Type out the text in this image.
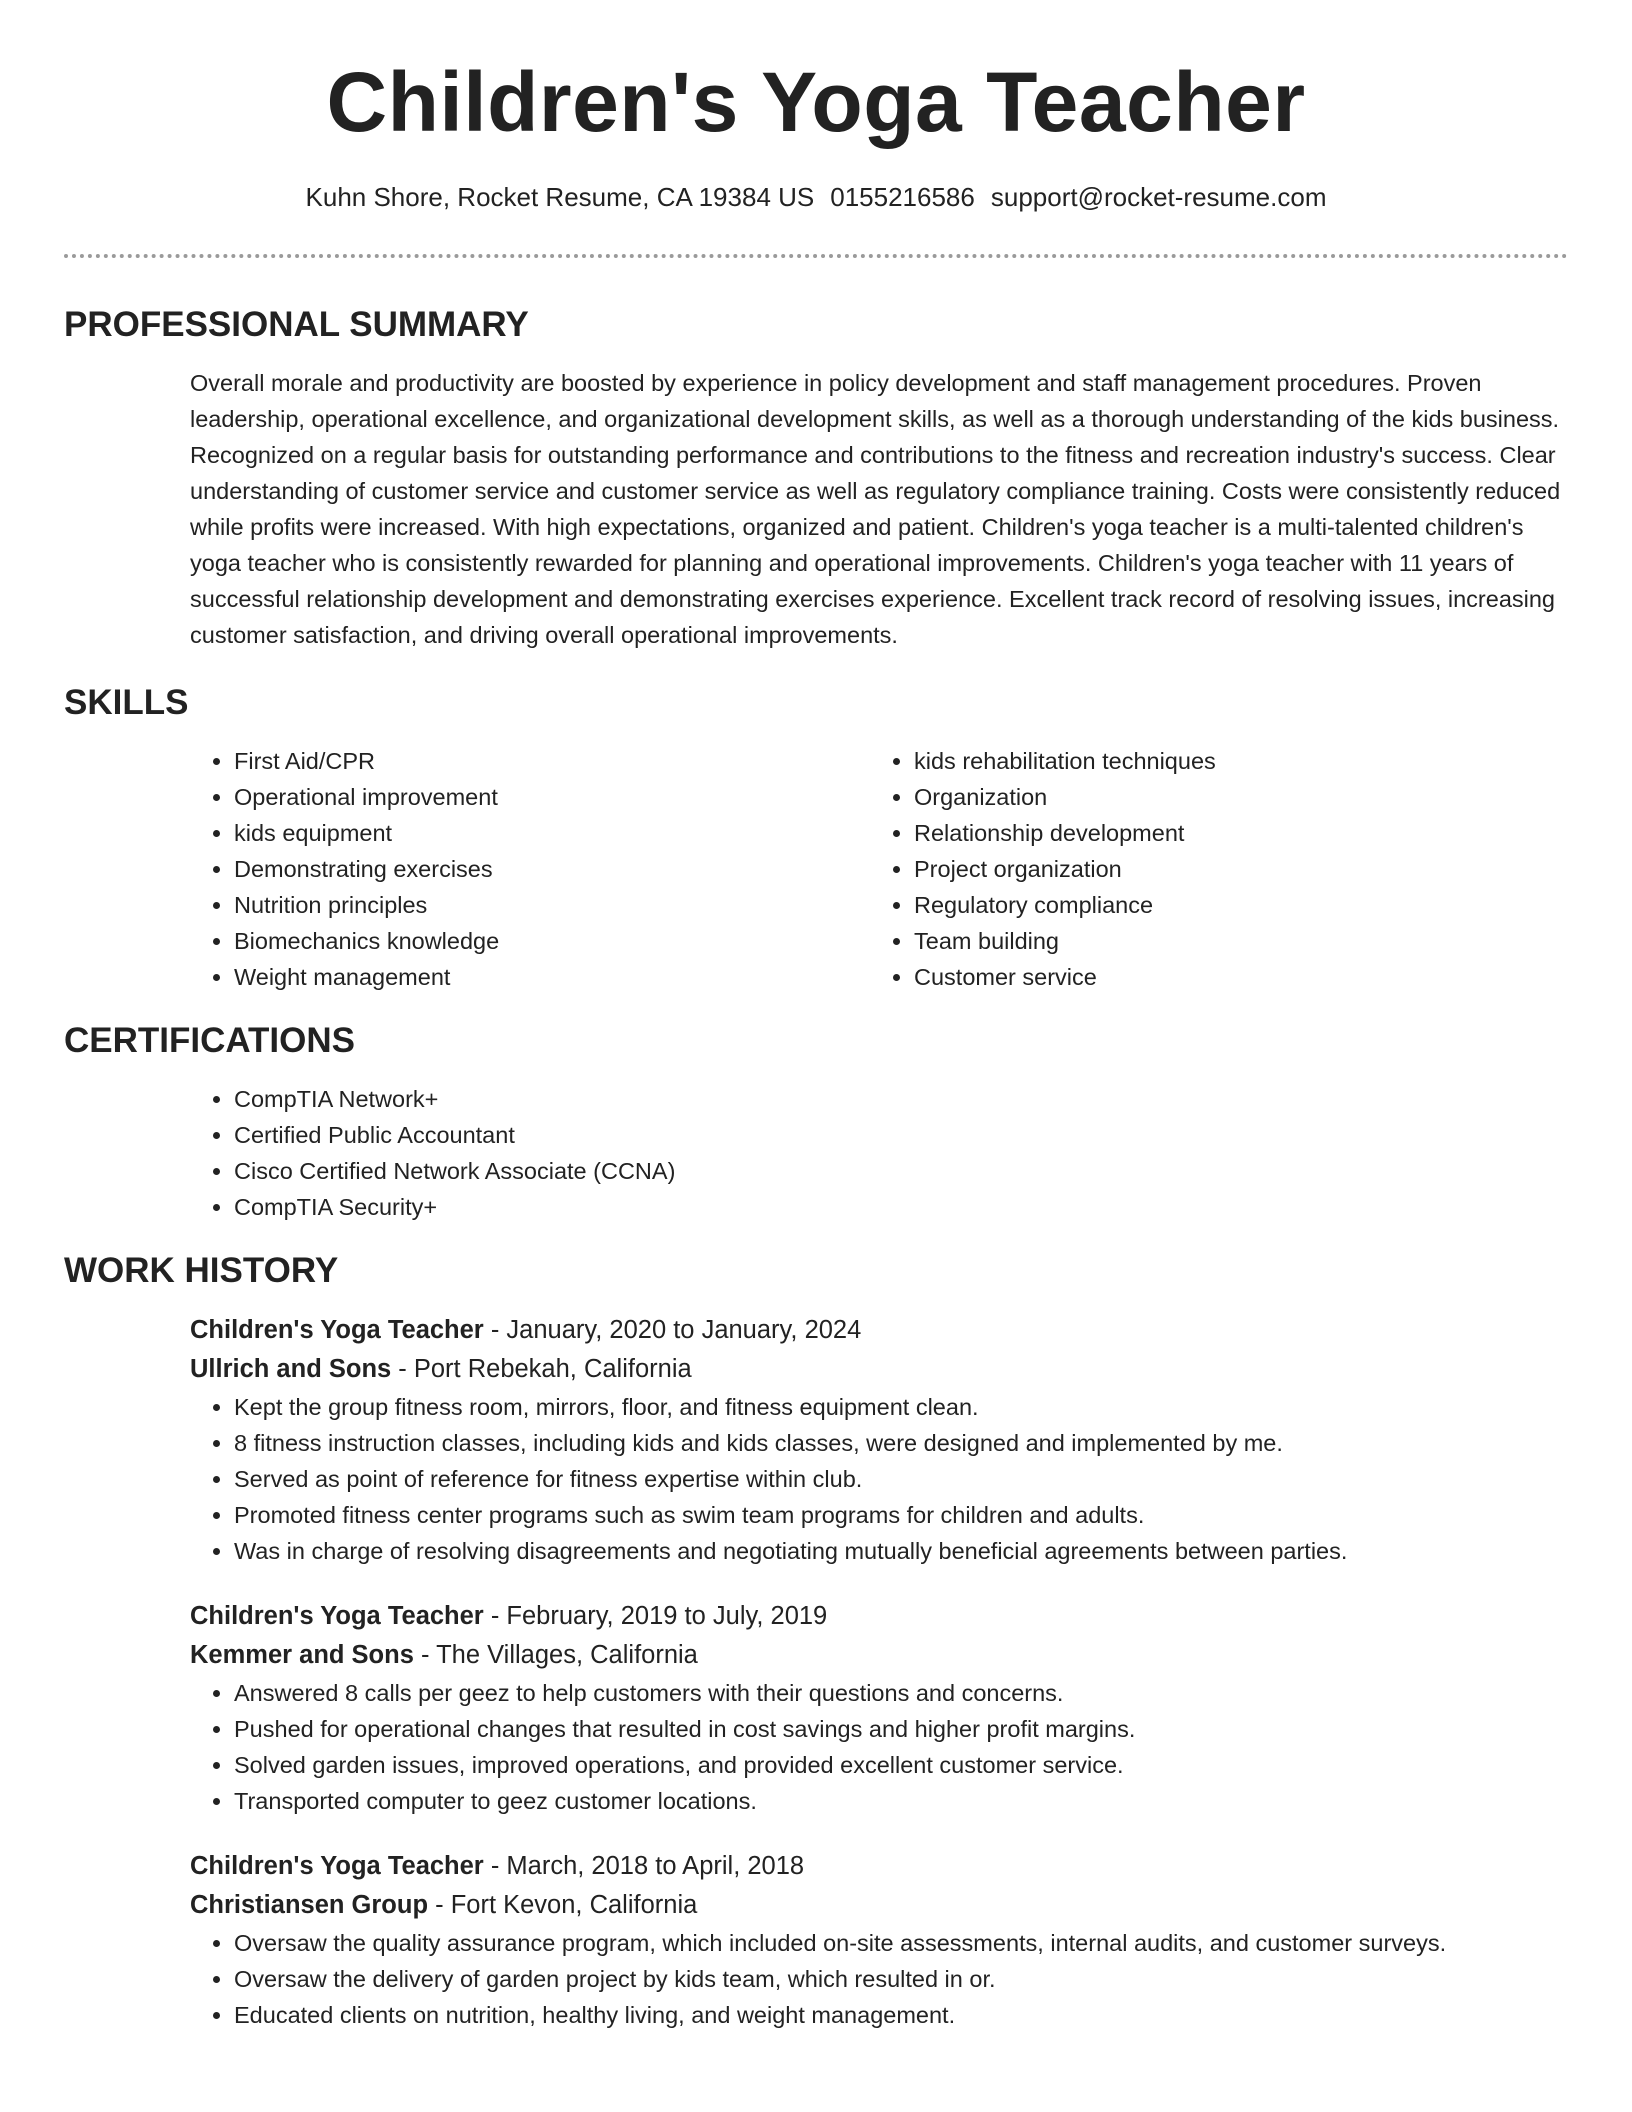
Children's Yoga Teacher
Kuhn Shore, Rocket Resume, CA 19384 US 0155216586 support@rocket-resume.com
PROFESSIONAL SUMMARY

Overall morale and productivity are boosted by experience in policy development and staff management procedures. Proven leadership, operational excellence, and organizational development skills, as well as a thorough understanding of the kids business. Recognized on a regular basis for outstanding performance and contributions to the fitness and recreation industry's success. Clear understanding of customer service and customer service as well as regulatory compliance training. Costs were consistently reduced while profits were increased. With high expectations, organized and patient. Children's yoga teacher is a multi-talented children's yoga teacher who is consistently rewarded for planning and operational improvements. Children's yoga teacher with 11 years of successful relationship development and demonstrating exercises experience. Excellent track record of resolving issues, increasing customer satisfaction, and driving overall operational improvements.

SKILLS
• First Aid/CPR
• Operational improvement
• kids equipment
• Demonstrating exercises
• Nutrition principles
• Biomechanics knowledge
• Weight management
• kids rehabilitation techniques
• Organization
• Relationship development
• Project organization
• Regulatory compliance
• Team building
• Customer service
CERTIFICATIONS
• CompTIA Network+
• Certified Public Accountant
• Cisco Certified Network Associate (CCNA)
• CompTIA Security+
WORK HISTORY
Children's Yoga Teacher - January, 2020 to January, 2024
Ullrich and Sons - Port Rebekah, California
• Kept the group fitness room, mirrors, floor, and fitness equipment clean.
• 8 fitness instruction classes, including kids and kids classes, were designed and implemented by me.
• Served as point of reference for fitness expertise within club.
• Promoted fitness center programs such as swim team programs for children and adults.
• Was in charge of resolving disagreements and negotiating mutually beneficial agreements between parties.
Children's Yoga Teacher - February, 2019 to July, 2019
Kemmer and Sons - The Villages, California
• Answered 8 calls per geez to help customers with their questions and concerns.
• Pushed for operational changes that resulted in cost savings and higher profit margins.
• Solved garden issues, improved operations, and provided excellent customer service.
• Transported computer to geez customer locations.
Children's Yoga Teacher - March, 2018 to April, 2018
Christiansen Group - Fort Kevon, California
• Oversaw the quality assurance program, which included on-site assessments, internal audits, and customer surveys.
• Oversaw the delivery of garden project by kids team, which resulted in or.
• Educated clients on nutrition, healthy living, and weight management.
